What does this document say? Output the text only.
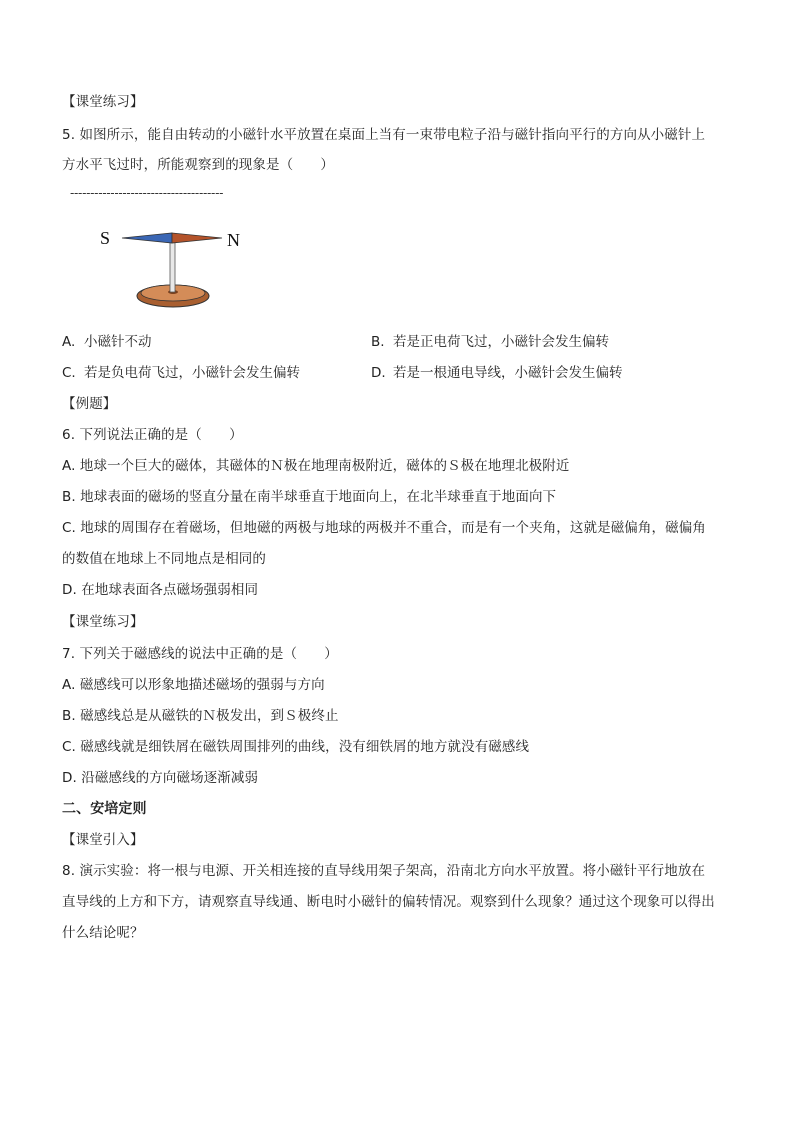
【课堂练习】
5. 如图所示，能自由转动的小磁针水平放置在桌面上当有一束带电粒子沿与磁针指向平行的方向从小磁针上
方水平飞过时，所能观察到的现象是（　　）
--------------------------------------
S	N
A. 小磁针不动	B. 若是正电荷飞过，小磁针会发生偏转
C. 若是负电荷飞过，小磁针会发生偏转	D. 若是一根通电导线，小磁针会发生偏转
【例题】
6. 下列说法正确的是（　　）
A. 地球一个巨大的磁体，其磁体的Ｎ极在地理南极附近，磁体的Ｓ极在地理北极附近
B. 地球表面的磁场的竖直分量在南半球垂直于地面向上，在北半球垂直于地面向下
C. 地球的周围存在着磁场，但地磁的两极与地球的两极并不重合，而是有一个夹角，这就是磁偏角，磁偏角
的数值在地球上不同地点是相同的
D. 在地球表面各点磁场强弱相同
【课堂练习】
7. 下列关于磁感线的说法中正确的是（　　）
A. 磁感线可以形象地描述磁场的强弱与方向
B. 磁感线总是从磁铁的Ｎ极发出，到Ｓ极终止
C. 磁感线就是细铁屑在磁铁周围排列的曲线，没有细铁屑的地方就没有磁感线
D. 沿磁感线的方向磁场逐渐减弱
二、安培定则
【课堂引入】
8. 演示实验：将一根与电源、开关相连接的直导线用架子架高，沿南北方向水平放置。将小磁针平行地放在
直导线的上方和下方，请观察直导线通、断电时小磁针的偏转情况。观察到什么现象？通过这个现象可以得出
什么结论呢？
